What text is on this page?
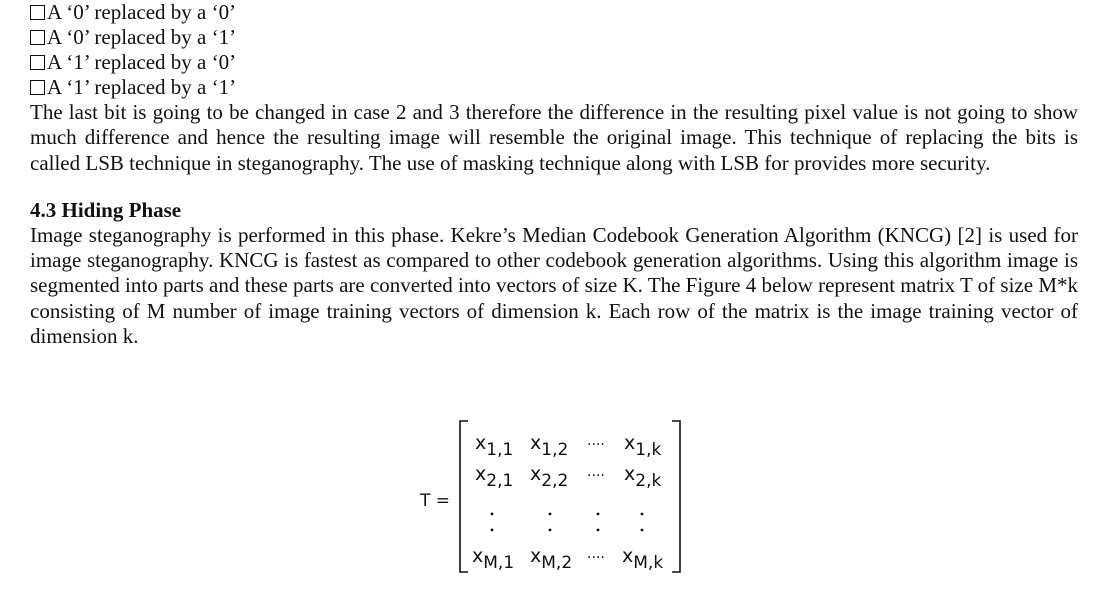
A ‘0’ replaced by a ‘0’
A ‘0’ replaced by a ‘1’
A ‘1’ replaced by a ‘0’
A ‘1’ replaced by a ‘1’

The last bit is going to be changed in case 2 and 3 therefore the difference in the resulting pixel value is not going to show much difference and hence the resulting image will resemble the original image. This technique of replacing the bits is called LSB technique in steganography. The use of masking technique along with LSB for provides more security.

4.3 Hiding Phase

Image steganography is performed in this phase. Kekre’s Median Codebook Generation Algorithm (KNCG) [2] is used for image steganography. KNCG is fastest as compared to other codebook generation algorithms. Using this algorithm image is segmented into parts and these parts are converted into vectors of size K. The Figure 4 below represent matrix T of size M*k consisting of M number of image training vectors of dimension k. Each row of the matrix is the image training vector of dimension k.

T =
x1,1 x1,2 ···· x1,k
x2,1 x2,2 ···· x2,k
xM,1 xM,2 ···· xM,k
